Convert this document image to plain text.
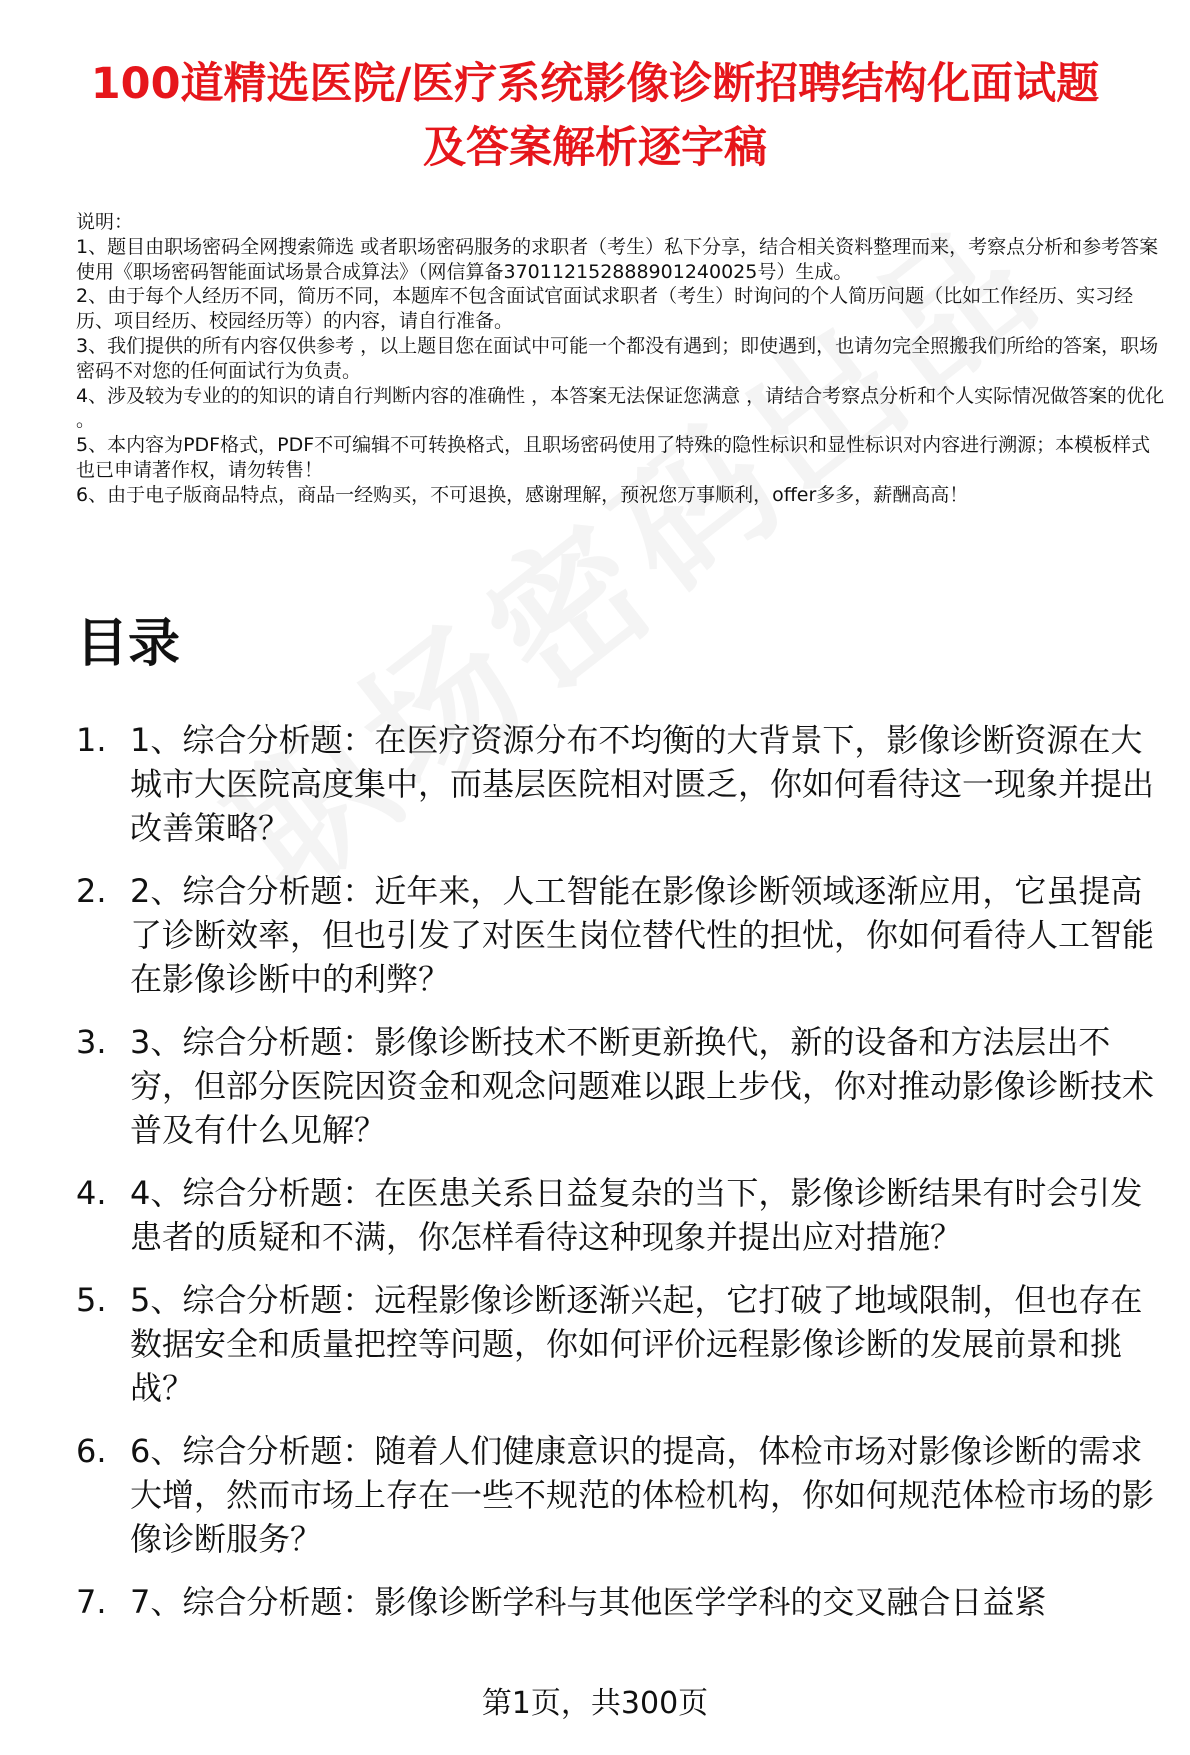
100道精选医院/医疗系统影像诊断招聘结构化面试题及答案解析逐字稿

说明：

1、题目由职场密码全网搜索筛选 或者职场密码服务的求职者（考生）私下分享，结合相关资料整理而来，考察点分析和参考答案使用《职场密码智能面试场景合成算法》（网信算备370112152888901240025号）生成。

2、由于每个人经历不同，简历不同，本题库不包含面试官面试求职者（考生）时询问的个人简历问题（比如工作经历、实习经历、项目经历、校园经历等）的内容，请自行准备。

3、我们提供的所有内容仅供参考 ，以上题目您在面试中可能一个都没有遇到；即使遇到，也请勿完全照搬我们所给的答案，职场密码不对您的任何面试行为负责。

4、涉及较为专业的的知识的请自行判断内容的准确性 ，本答案无法保证您满意 ，请结合考察点分析和个人实际情况做答案的优化 。

5、本内容为PDF格式，PDF不可编辑不可转换格式，且职场密码使用了特殊的隐性标识和显性标识对内容进行溯源；本模板样式也已申请著作权，请勿转售！

6、由于电子版商品特点，商品一经购买，不可退换，感谢理解，预祝您万事顺利，offer多多，薪酬高高！

目录
1. 1、综合分析题：在医疗资源分布不均衡的大背景下，影像诊断资源在大城市大医院高度集中，而基层医院相对匮乏，你如何看待这一现象并提出改善策略？
2. 2、综合分析题：近年来，人工智能在影像诊断领域逐渐应用，它虽提高了诊断效率，但也引发了对医生岗位替代性的担忧，你如何看待人工智能在影像诊断中的利弊？
3. 3、综合分析题：影像诊断技术不断更新换代，新的设备和方法层出不穷，但部分医院因资金和观念问题难以跟上步伐，你对推动影像诊断技术普及有什么见解？
4. 4、综合分析题：在医患关系日益复杂的当下，影像诊断结果有时会引发患者的质疑和不满，你怎样看待这种现象并提出应对措施？
5. 5、综合分析题：远程影像诊断逐渐兴起，它打破了地域限制，但也存在数据安全和质量把控等问题，你如何评价远程影像诊断的发展前景和挑战？
6. 6、综合分析题：随着人们健康意识的提高，体检市场对影像诊断的需求大增，然而市场上存在一些不规范的体检机构，你如何规范体检市场的影像诊断服务？
7. 7、综合分析题：影像诊断学科与其他医学学科的交叉融合日益紧
第1页，共300页
